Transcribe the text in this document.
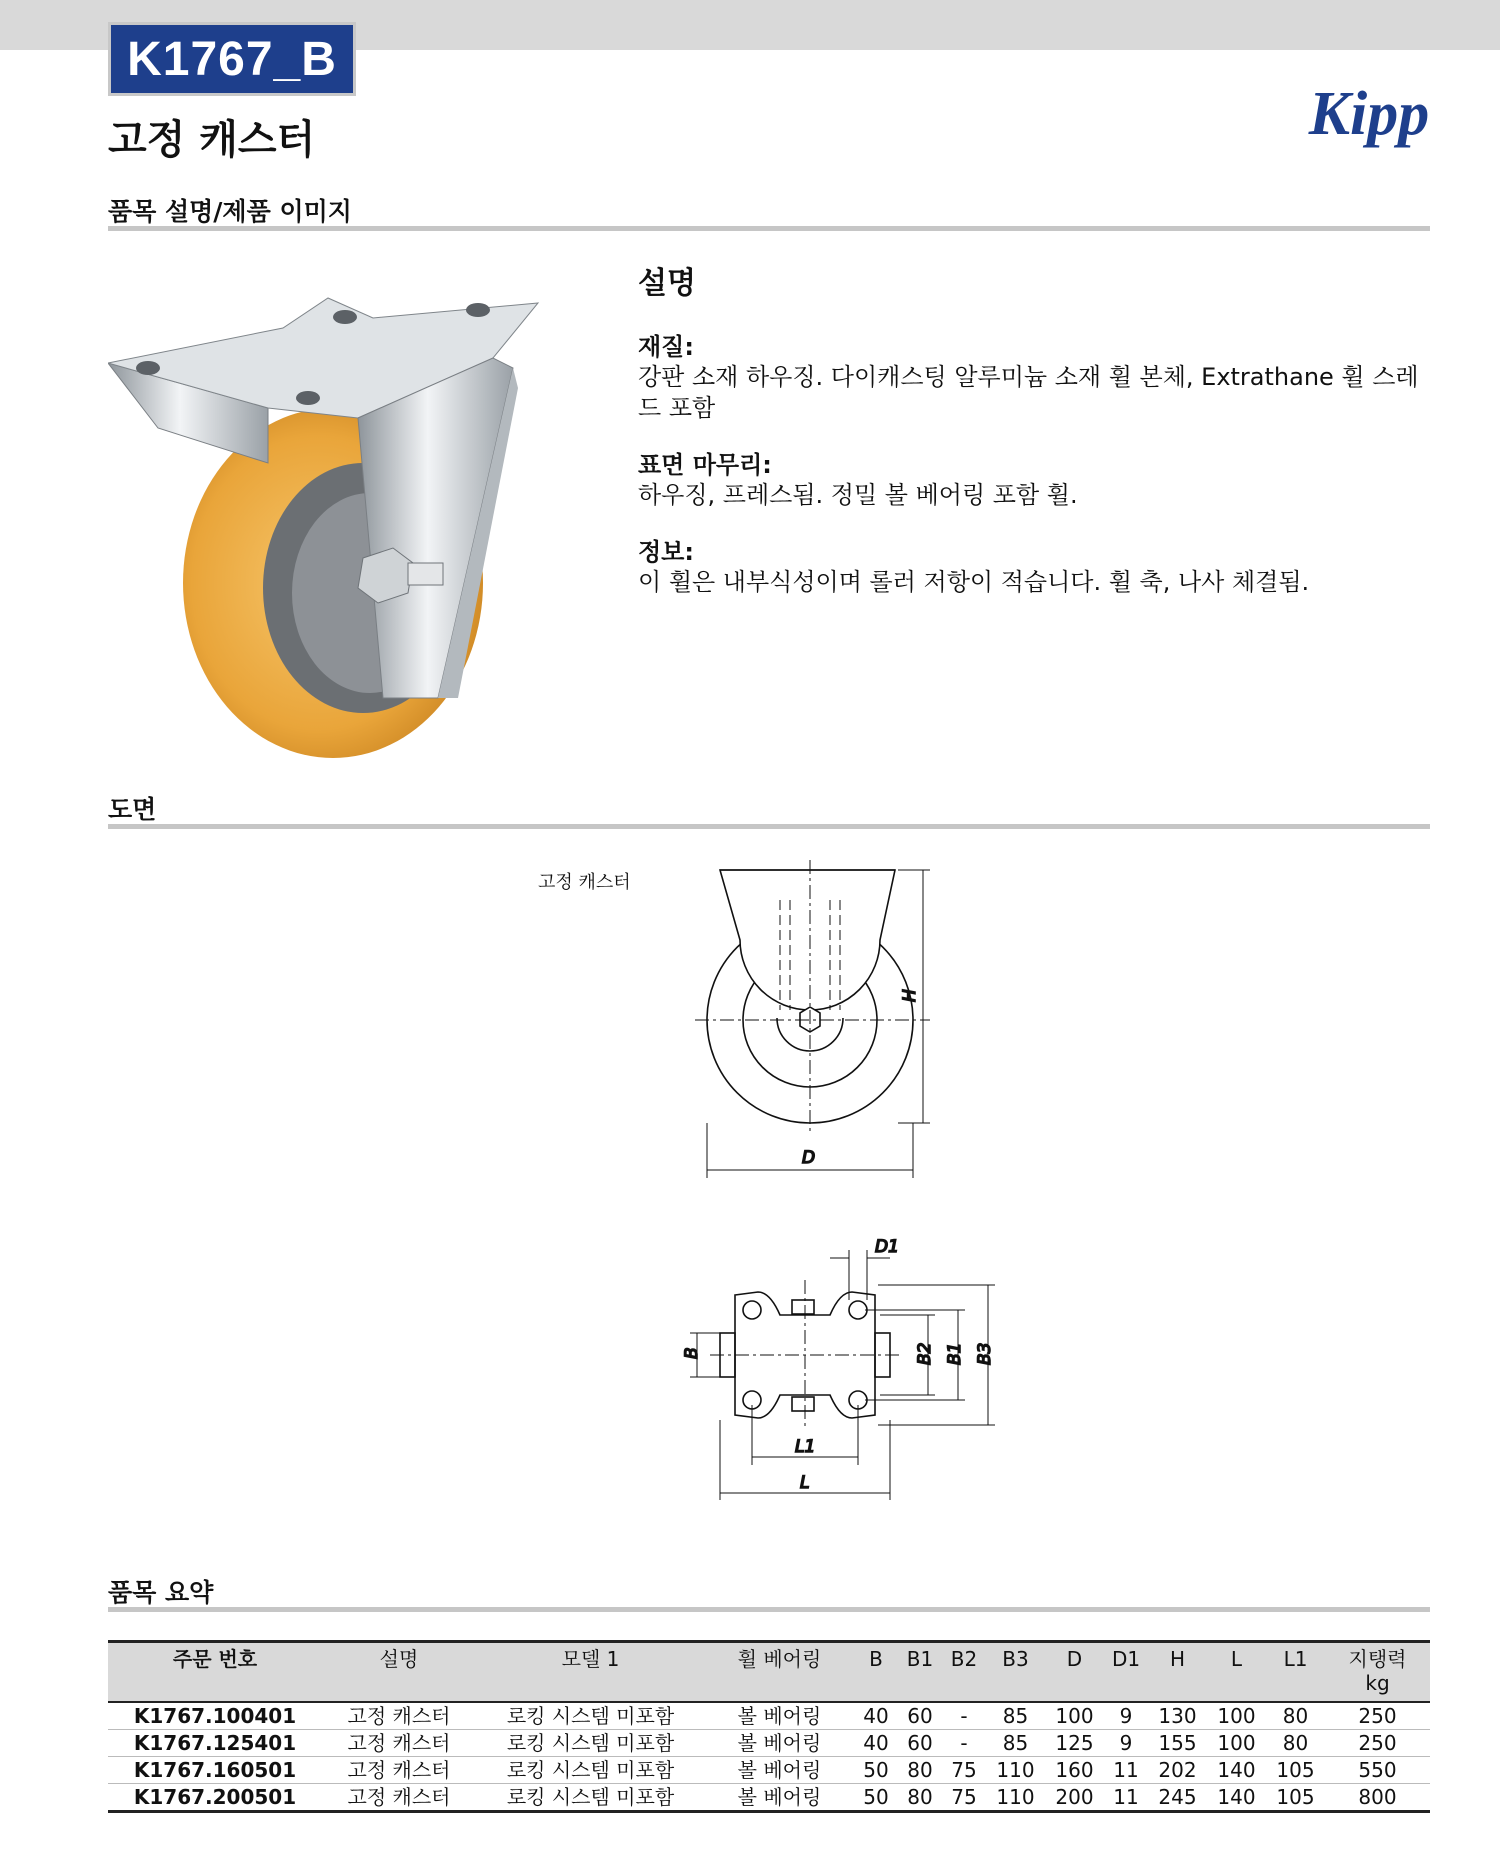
K1767_B
고정 캐스터	Kipp
품목 설명/제품 이미지
설명

재질:

강판 소재 하우징. 다이캐스팅 알루미늄 소재 휠 본체, Extrathane 휠 스레드 포함

표면 마무리:

하우징, 프레스됨. 정밀 볼 베어링 포함 휠.

정보:

이 휠은 내부식성이며 롤러 저항이 적습니다. 휠 축, 나사 체결됨.

도면
고정 캐스터
H
D
D1
B	B2 B1 B3
L1
L
품목 요약
주문 번호	설명	모델 1	휠 베어링	B	B1	B2	B3	D	D1	H	L	L1	지탱력
kg
K1767.100401	고정 캐스터	로킹 시스템 미포함	볼 베어링	40	60	-	85	100	9	130	100	80	250
K1767.125401	고정 캐스터	로킹 시스템 미포함	볼 베어링	40	60	-	85	125	9	155	100	80	250
K1767.160501	고정 캐스터	로킹 시스템 미포함	볼 베어링	50	80	75	110	160	11	202	140	105	550
K1767.200501	고정 캐스터	로킹 시스템 미포함	볼 베어링	50	80	75	110	200	11	245	140	105	800
